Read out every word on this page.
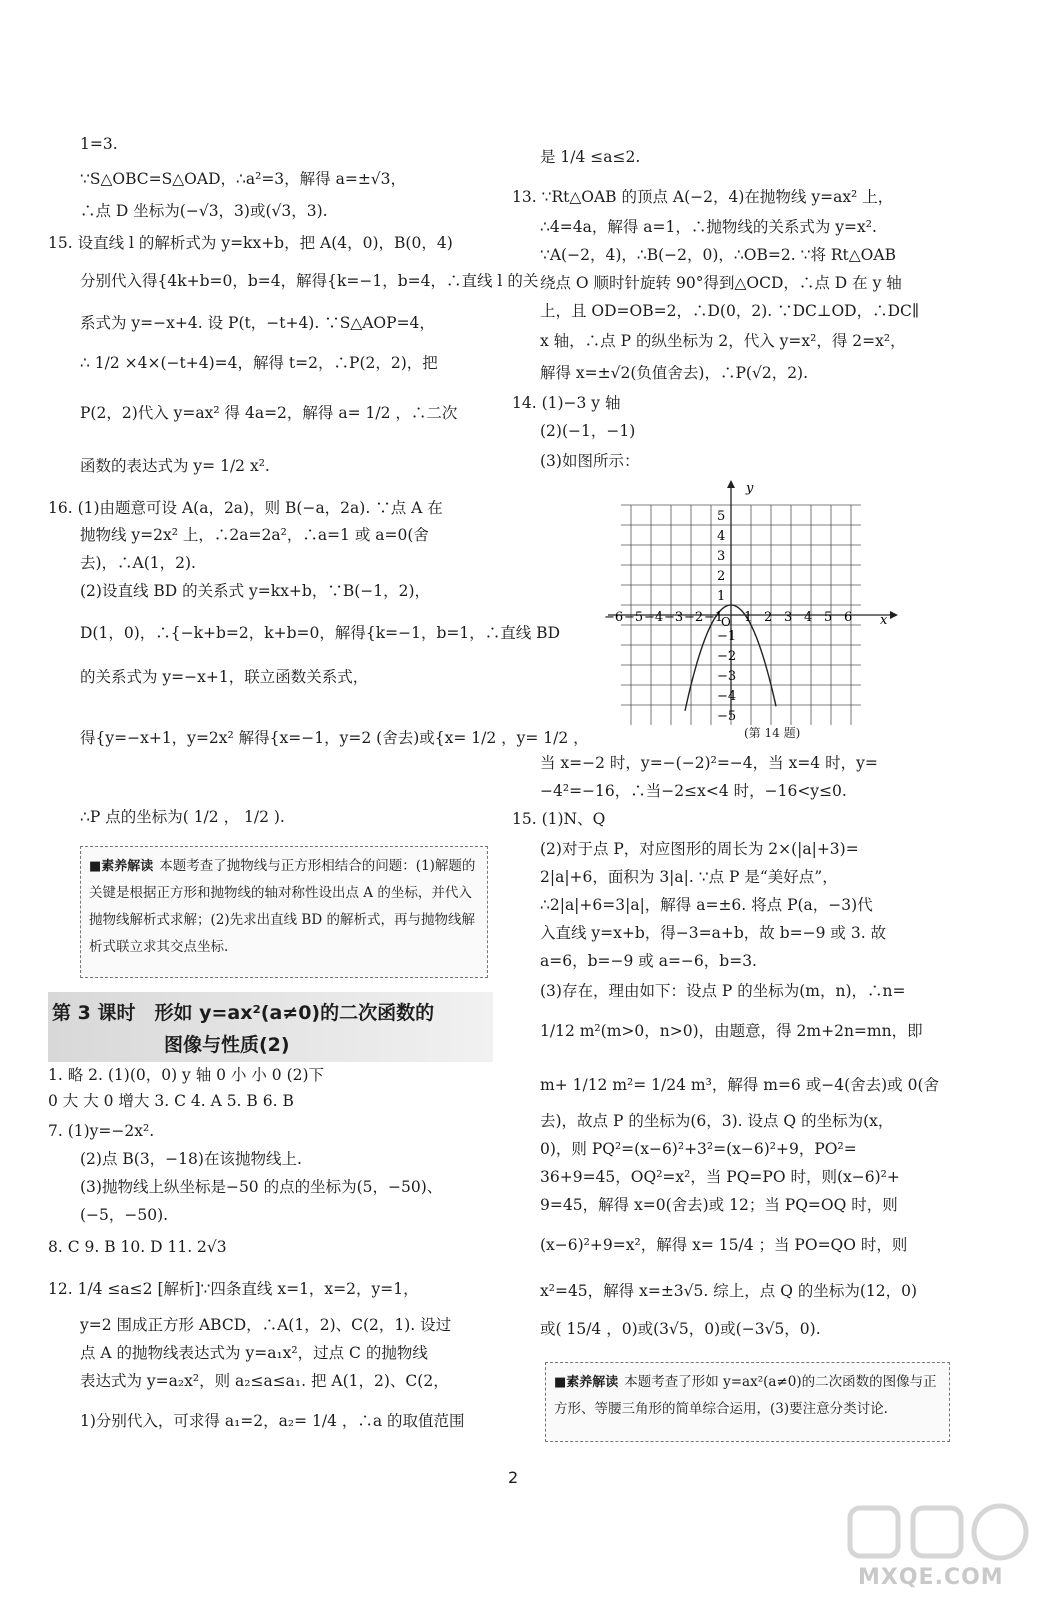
1=3.
∵S△OBC=S△OAD，∴a²=3，解得 a=±√3，
∴点 D 坐标为(−√3，3)或(√3，3).
15. 设直线 l 的解析式为 y=kx+b，把 A(4，0)，B(0，4)
分别代入得{4k+b=0，b=4，解得{k=−1，b=4，∴直线 l 的关
系式为 y=−x+4. 设 P(t，−t+4). ∵S△AOP=4，
∴ 1/2 ×4×(−t+4)=4，解得 t=2，∴P(2，2)，把
P(2，2)代入 y=ax² 得 4a=2，解得 a= 1/2 ，∴二次
函数的表达式为 y= 1/2 x².
16. (1)由题意可设 A(a，2a)，则 B(−a，2a). ∵点 A 在
抛物线 y=2x² 上，∴2a=2a²，∴a=1 或 a=0(舍
去)，∴A(1，2).
(2)设直线 BD 的关系式 y=kx+b，∵B(−1，2)，
D(1，0)，∴{−k+b=2，k+b=0，解得{k=−1，b=1，∴直线 BD
的关系式为 y=−x+1，联立函数关系式，
得{y=−x+1，y=2x² 解得{x=−1，y=2 (舍去)或{x= 1/2 ，y= 1/2 ，
∴P 点的坐标为( 1/2 ， 1/2 ).
■素养解读 本题考查了抛物线与正方形相结合的问题：(1)解题的关键是根据正方形和抛物线的轴对称性设出点 A 的坐标，并代入抛物线解析式求解；(2)先求出直线 BD 的解析式，再与抛物线解析式联立求其交点坐标.
第 3 课时　形如 y=ax²(a≠0)的二次函数的
图像与性质(2)
1. 略 2. (1)(0，0) y 轴 0 小 小 0 (2)下
0 大 大 0 增大 3. C 4. A 5. B 6. B
7. (1)y=−2x².
(2)点 B(3，−18)在该抛物线上.
(3)抛物线上纵坐标是−50 的点的坐标为(5，−50)、
(−5，−50).
8. C 9. B 10. D 11. 2√3
12. 1/4 ≤a≤2 [解析]∵四条直线 x=1，x=2，y=1，
y=2 围成正方形 ABCD，∴A(1，2)、C(2，1). 设过
点 A 的抛物线表达式为 y=a₁x²，过点 C 的抛物线
表达式为 y=a₂x²，则 a₂≤a≤a₁. 把 A(1，2)、C(2，
1)分别代入，可求得 a₁=2，a₂= 1/4 ，∴a 的取值范围
是 1/4 ≤a≤2.
13. ∵Rt△OAB 的顶点 A(−2，4)在抛物线 y=ax² 上，
∴4=4a，解得 a=1，∴抛物线的关系式为 y=x².
∵A(−2，4)，∴B(−2，0)，∴OB=2. ∵将 Rt△OAB
绕点 O 顺时针旋转 90°得到△OCD，∴点 D 在 y 轴
上，且 OD=OB=2，∴D(0，2). ∵DC⊥OD，∴DC∥
x 轴，∴点 P 的纵坐标为 2，代入 y=x²，得 2=x²，
解得 x=±√2(负值舍去)，∴P(√2，2).
14. (1)−3 y 轴
(2)(−1，−1)
(3)如图所示：
x
y
O
−6 −5 −4 −3 −2 −1 1 2 3 4 5 6
5
4
3
2
1
−1
−2
−3
−4
−5
(第 14 题)
当 x=−2 时，y=−(−2)²=−4，当 x=4 时，y=
−4²=−16，∴当−2≤x<4 时，−16<y≤0.
15. (1)N、Q
(2)对于点 P，对应图形的周长为 2×(|a|+3)=
2|a|+6，面积为 3|a|. ∵点 P 是“美好点”，
∴2|a|+6=3|a|，解得 a=±6. 将点 P(a，−3)代
入直线 y=x+b，得−3=a+b，故 b=−9 或 3. 故
a=6，b=−9 或 a=−6，b=3.
(3)存在，理由如下：设点 P 的坐标为(m，n)，∴n=
1/12 m²(m>0，n>0)，由题意，得 2m+2n=mn，即
m+ 1/12 m²= 1/24 m³，解得 m=6 或−4(舍去)或 0(舍
去)，故点 P 的坐标为(6，3). 设点 Q 的坐标为(x，
0)，则 PQ²=(x−6)²+3²=(x−6)²+9，PO²=
36+9=45，OQ²=x²，当 PQ=PO 时，则(x−6)²+
9=45，解得 x=0(舍去)或 12；当 PQ=OQ 时，则
(x−6)²+9=x²，解得 x= 15/4 ；当 PO=QO 时，则
x²=45，解得 x=±3√5. 综上，点 Q 的坐标为(12，0)
或( 15/4 ，0)或(3√5，0)或(−3√5，0).
■素养解读 本题考查了形如 y=ax²(a≠0)的二次函数的图像与正方形、等腰三角形的简单综合运用，(3)要注意分类讨论.
2
MXQE.COM
